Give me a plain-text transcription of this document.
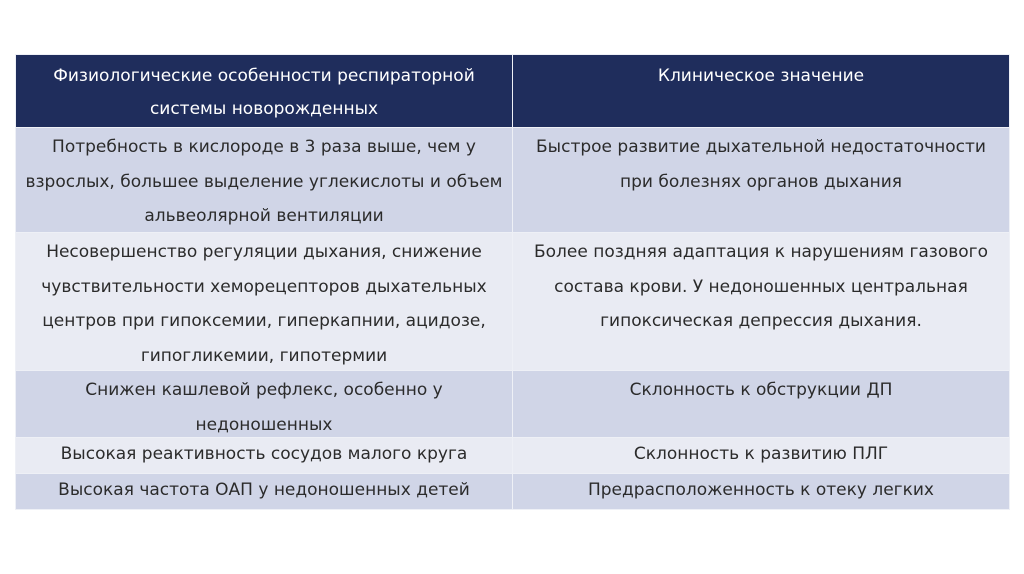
Физиологические особенности респираторной системы новорожденных
Клиническое значение
Потребность в кислороде в 3 раза выше, чем у взрослых, большее выделение углекислоты и объем альвеолярной вентиляции
Быстрое развитие дыхательной недостаточности при болезнях органов дыхания
Несовершенство регуляции дыхания, снижение чувствительности хеморецепторов дыхательных центров при гипоксемии, гиперкапнии, ацидозе, гипогликемии, гипотермии
Более поздняя адаптация к нарушениям газового состава крови. У недоношенных центральная гипоксическая депрессия дыхания.
Снижен кашлевой рефлекс, особенно у недоношенных
Склонность к обструкции ДП
Высокая реактивность сосудов малого круга	Склонность к развитию ПЛГ
Высокая частота ОАП у недоношенных детей	Предрасположенность к отеку легких
